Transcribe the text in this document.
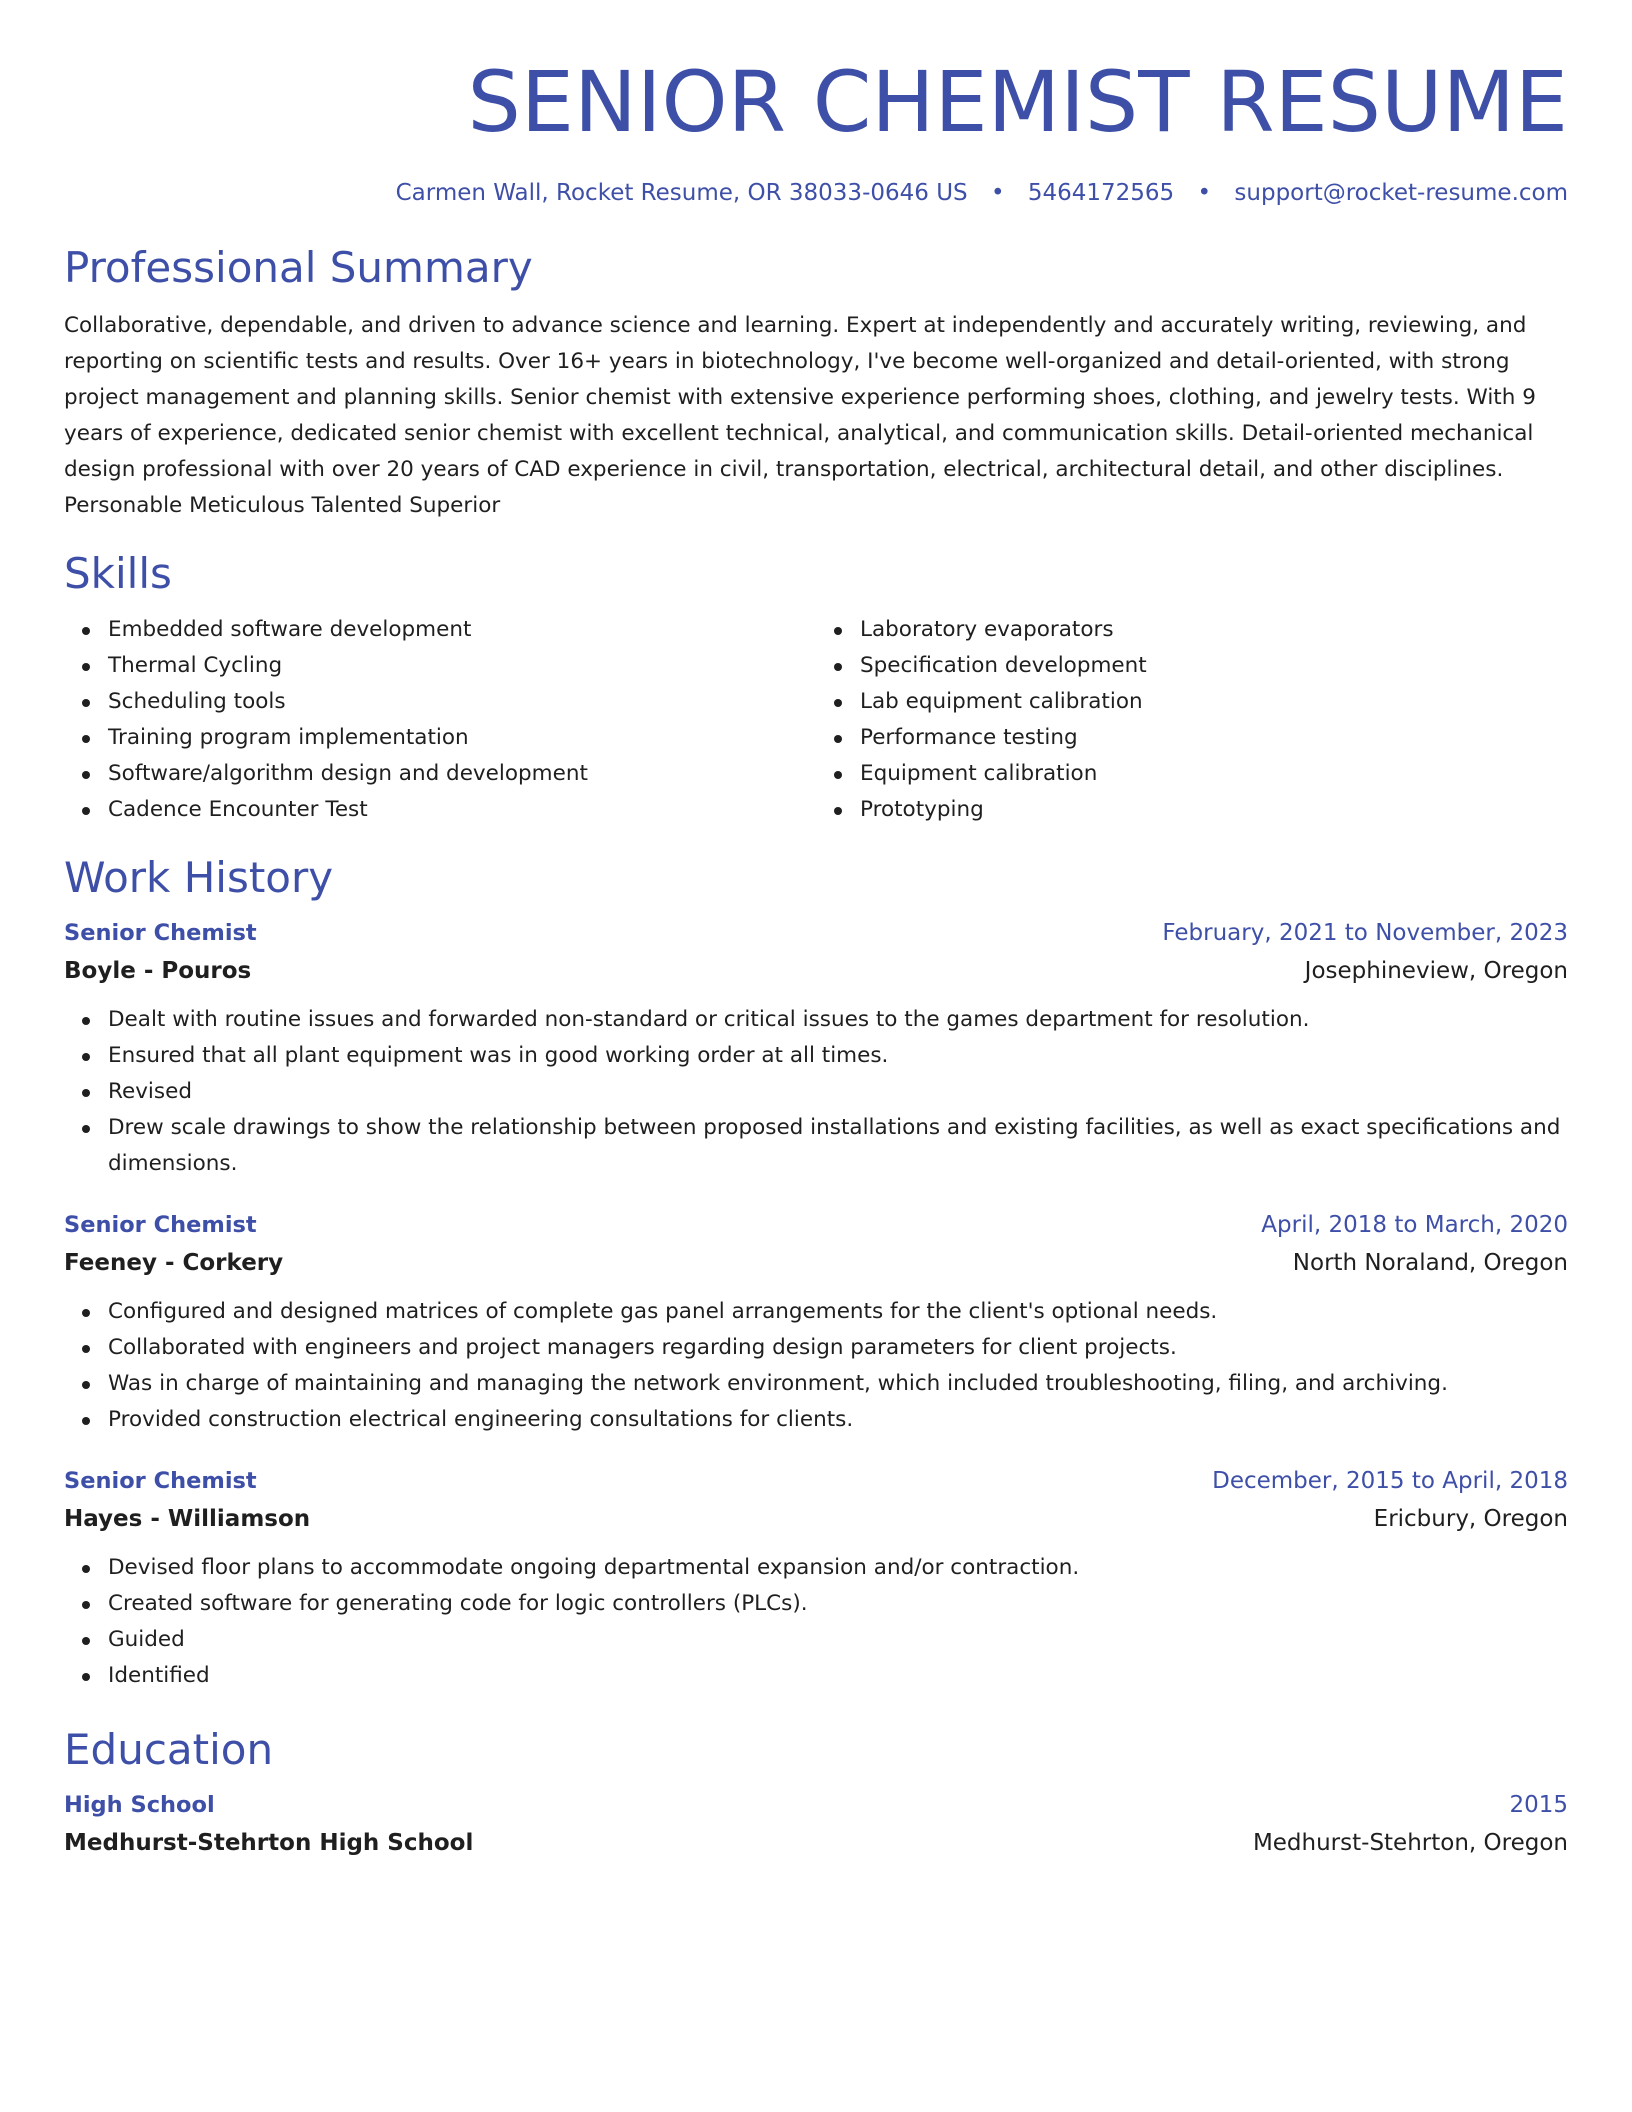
SENIOR CHEMIST RESUME
Carmen Wall, Rocket Resume, OR 38033-0646 US • 5464172565 • support@rocket-resume.com
Professional Summary

Collaborative, dependable, and driven to advance science and learning. Expert at independently and accurately writing, reviewing, and reporting on scientific tests and results. Over 16+ years in biotechnology, I've become well-organized and detail-oriented, with strong project management and planning skills. Senior chemist with extensive experience performing shoes, clothing, and jewelry tests. With 9 years of experience, dedicated senior chemist with excellent technical, analytical, and communication skills. Detail-oriented mechanical design professional with over 20 years of CAD experience in civil, transportation, electrical, architectural detail, and other disciplines. Personable Meticulous Talented Superior

Skills
Embedded software development
Thermal Cycling
Scheduling tools
Training program implementation
Software/algorithm design and development
Cadence Encounter Test
Laboratory evaporators
Specification development
Lab equipment calibration
Performance testing
Equipment calibration
Prototyping
Work History
Senior Chemist	February, 2021 to November, 2023
Boyle - Pouros	Josephineview, Oregon
Dealt with routine issues and forwarded non-standard or critical issues to the games department for resolution.
Ensured that all plant equipment was in good working order at all times.
Revised
Drew scale drawings to show the relationship between proposed installations and existing facilities, as well as exact specifications and dimensions.
Senior Chemist	April, 2018 to March, 2020
Feeney - Corkery	North Noraland, Oregon
Configured and designed matrices of complete gas panel arrangements for the client's optional needs.
Collaborated with engineers and project managers regarding design parameters for client projects.
Was in charge of maintaining and managing the network environment, which included troubleshooting, filing, and archiving.
Provided construction electrical engineering consultations for clients.
Senior Chemist	December, 2015 to April, 2018
Hayes - Williamson	Ericbury, Oregon
Devised floor plans to accommodate ongoing departmental expansion and/or contraction.
Created software for generating code for logic controllers (PLCs).
Guided
Identified
Education
High School	2015
Medhurst-Stehrton High School	Medhurst-Stehrton, Oregon
